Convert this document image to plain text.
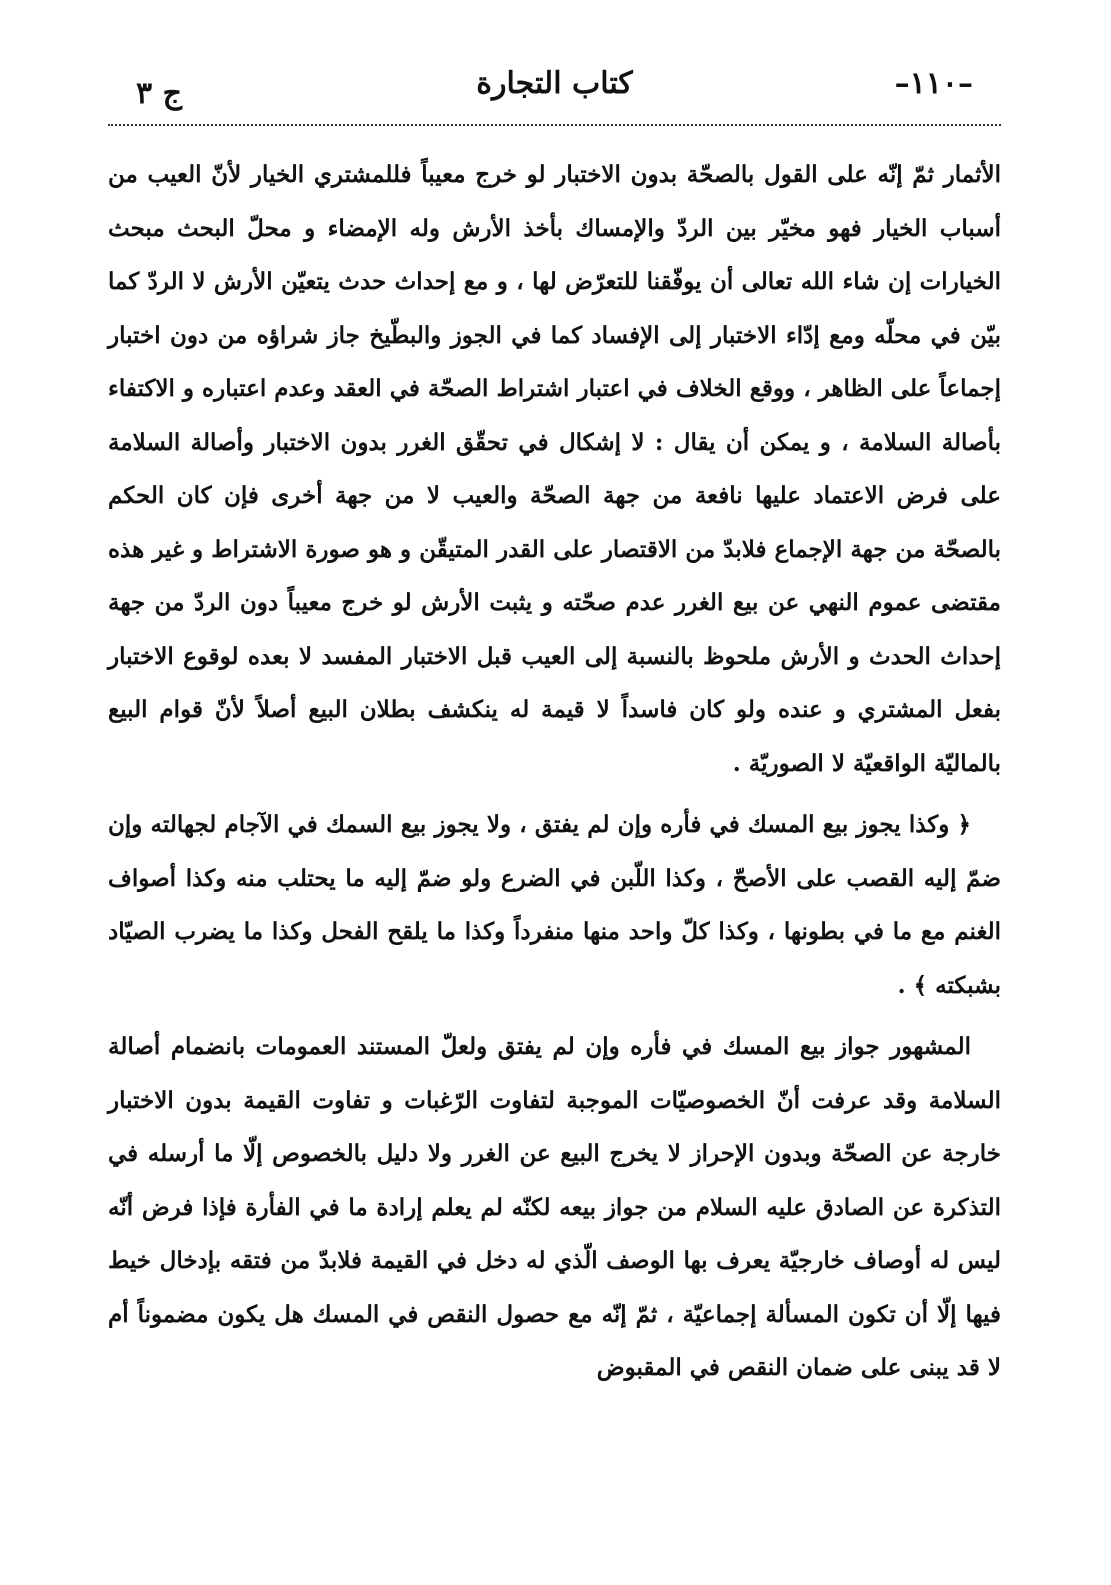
–۱۱۰–
كتاب التجارة
ج ۳

الأثمار ثمّ إنّه على القول بالصحّة بدون الاختبار لو خرج معيباً فللمشتري الخيار لأنّ العيب من أسباب الخيار فهو مخيّر بين الردّ والإمساك بأخذ الأرش وله الإمضاء و محلّ البحث مبحث الخيارات إن شاء الله تعالى أن يوفّقنا للتعرّض لها ، و مع إحداث حدث يتعيّن الأرش لا الردّ كما بيّن في محلّه ومع إدّاء الاختبار إلى الإفساد كما في الجوز والبطّيخ جاز شراؤه من دون اختبار إجماعاً على الظاهر ، ووقع الخلاف في اعتبار اشتراط الصحّة في العقد وعدم اعتباره و الاكتفاء بأصالة السلامة ، و يمكن أن يقال : لا إشكال في تحقّق الغرر بدون الاختبار وأصالة السلامة على فرض الاعتماد عليها نافعة من جهة الصحّة والعيب لا من جهة أخرى فإن كان الحكم بالصحّة من جهة الإجماع فلابدّ من الاقتصار على القدر المتيقّن و هو صورة الاشتراط و غير هذه مقتضى عموم النهي عن بيع الغرر عدم صحّته و يثبت الأرش لو خرج معيباً دون الردّ من جهة إحداث الحدث و الأرش ملحوظ بالنسبة إلى العيب قبل الاختبار المفسد لا بعده لوقوع الاختبار بفعل المشتري و عنده ولو كان فاسداً لا قيمة له ينكشف بطلان البيع أصلاً لأنّ قوام البيع بالماليّة الواقعيّة لا الصوريّة .

﴿ وكذا يجوز بيع المسك في فأره وإن لم يفتق ، ولا يجوز بيع السمك في الآجام لجهالته وإن ضمّ إليه القصب على الأصحّ ، وكذا اللّبن في الضرع ولو ضمّ إليه ما يحتلب منه وكذا أصواف الغنم مع ما في بطونها ، وكذا كلّ واحد منها منفرداً وكذا ما يلقح الفحل وكذا ما يضرب الصيّاد بشبكته ﴾ .

المشهور جواز بيع المسك في فأره وإن لم يفتق ولعلّ المستند العمومات بانضمام أصالة السلامة وقد عرفت أنّ الخصوصيّات الموجبة لتفاوت الرّغبات و تفاوت القيمة بدون الاختبار خارجة عن الصحّة وبدون الإحراز لا يخرج البيع عن الغرر ولا دليل بالخصوص إلّا ما أرسله في التذكرة عن الصادق عليه السلام من جواز بيعه لكنّه لم يعلم إرادة ما في الفأرة فإذا فرض أنّه ليس له أوصاف خارجيّة يعرف بها الوصف الّذي له دخل في القيمة فلابدّ من فتقه بإدخال خيط فيها إلّا أن تكون المسألة إجماعيّة ، ثمّ إنّه مع حصول النقص في المسك هل يكون مضموناً أم لا قد يبنى على ضمان النقص في المقبوض
